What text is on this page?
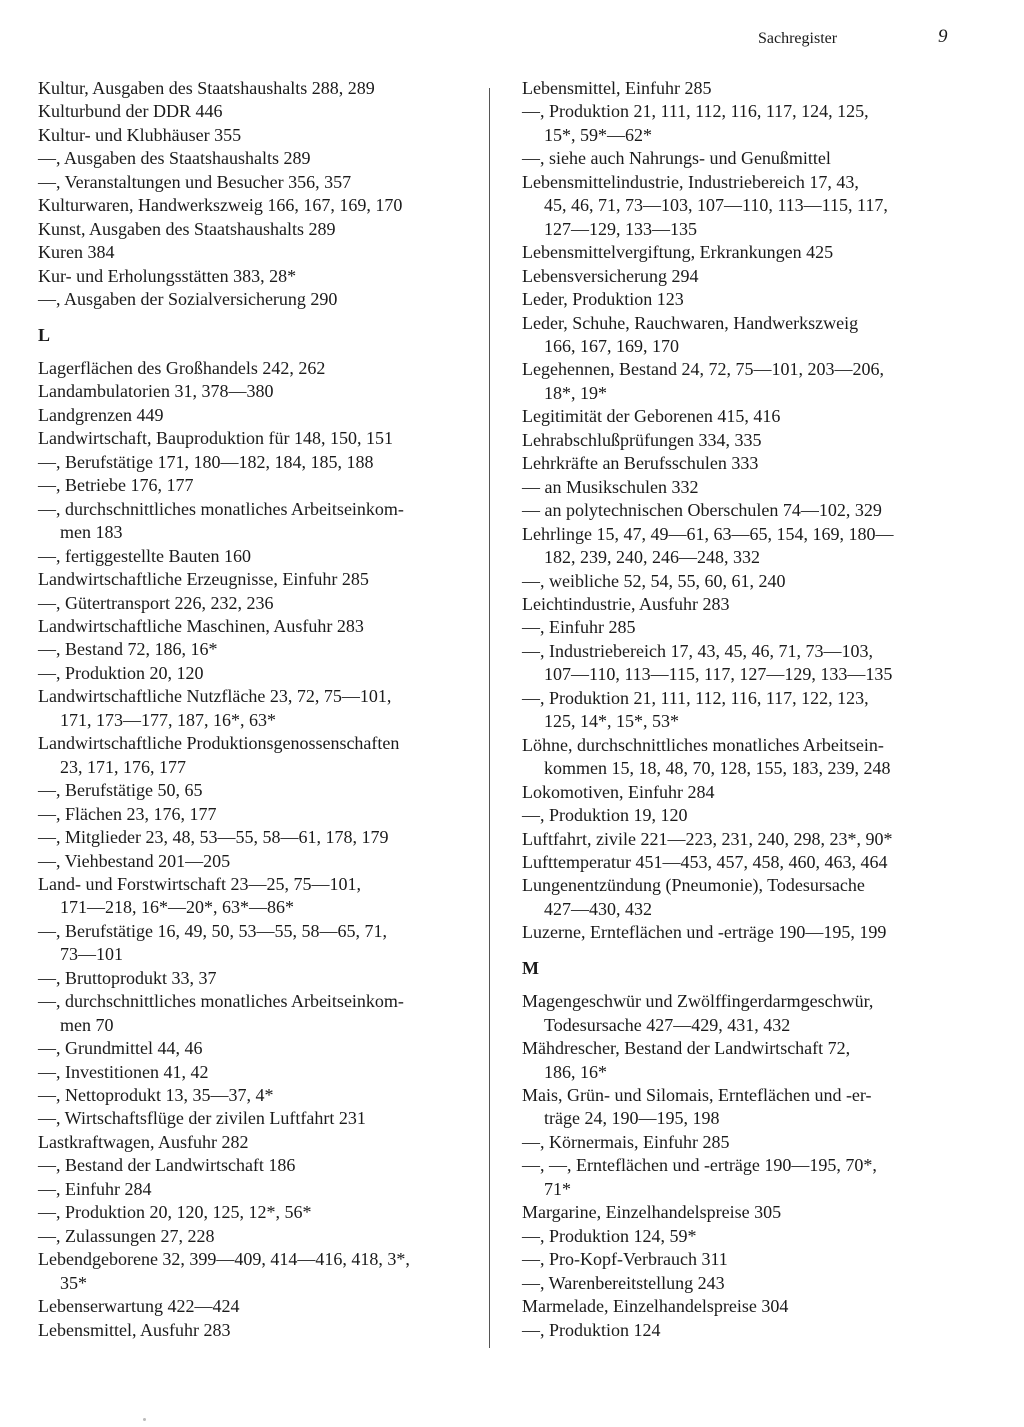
Sachregister	9
Kultur, Ausgaben des Staatshaushalts 288, 289
Kulturbund der DDR 446
Kultur- und Klubhäuser 355
—, Ausgaben des Staatshaushalts 289
—, Veranstaltungen und Besucher 356, 357
Kulturwaren, Handwerkszweig 166, 167, 169, 170
Kunst, Ausgaben des Staatshaushalts 289
Kuren 384
Kur- und Erholungsstätten 383, 28*
—, Ausgaben der Sozialversicherung 290
L
Lagerflächen des Großhandels 242, 262
Landambulatorien 31, 378—380
Landgrenzen 449
Landwirtschaft, Bauproduktion für 148, 150, 151
—, Berufstätige 171, 180—182, 184, 185, 188
—, Betriebe 176, 177
—, durchschnittliches monatliches Arbeitseinkom-
men 183
—, fertiggestellte Bauten 160
Landwirtschaftliche Erzeugnisse, Einfuhr 285
—, Gütertransport 226, 232, 236
Landwirtschaftliche Maschinen, Ausfuhr 283
—, Bestand 72, 186, 16*
—, Produktion 20, 120
Landwirtschaftliche Nutzfläche 23, 72, 75—101,
171, 173—177, 187, 16*, 63*
Landwirtschaftliche Produktionsgenossenschaften
23, 171, 176, 177
—, Berufstätige 50, 65
—, Flächen 23, 176, 177
—, Mitglieder 23, 48, 53—55, 58—61, 178, 179
—, Viehbestand 201—205
Land- und Forstwirtschaft 23—25, 75—101,
171—218, 16*—20*, 63*—86*
—, Berufstätige 16, 49, 50, 53—55, 58—65, 71,
73—101
—, Bruttoprodukt 33, 37
—, durchschnittliches monatliches Arbeitseinkom-
men 70
—, Grundmittel 44, 46
—, Investitionen 41, 42
—, Nettoprodukt 13, 35—37, 4*
—, Wirtschaftsflüge der zivilen Luftfahrt 231
Lastkraftwagen, Ausfuhr 282
—, Bestand der Landwirtschaft 186
—, Einfuhr 284
—, Produktion 20, 120, 125, 12*, 56*
—, Zulassungen 27, 228
Lebendgeborene 32, 399—409, 414—416, 418, 3*,
35*
Lebenserwartung 422—424
Lebensmittel, Ausfuhr 283
Lebensmittel, Einfuhr 285
—, Produktion 21, 111, 112, 116, 117, 124, 125,
15*, 59*—62*
—, siehe auch Nahrungs- und Genußmittel
Lebensmittelindustrie, Industriebereich 17, 43,
45, 46, 71, 73—103, 107—110, 113—115, 117,
127—129, 133—135
Lebensmittelvergiftung, Erkrankungen 425
Lebensversicherung 294
Leder, Produktion 123
Leder, Schuhe, Rauchwaren, Handwerkszweig
166, 167, 169, 170
Legehennen, Bestand 24, 72, 75—101, 203—206,
18*, 19*
Legitimität der Geborenen 415, 416
Lehrabschlußprüfungen 334, 335
Lehrkräfte an Berufsschulen 333
— an Musikschulen 332
— an polytechnischen Oberschulen 74—102, 329
Lehrlinge 15, 47, 49—61, 63—65, 154, 169, 180—
182, 239, 240, 246—248, 332
—, weibliche 52, 54, 55, 60, 61, 240
Leichtindustrie, Ausfuhr 283
—, Einfuhr 285
—, Industriebereich 17, 43, 45, 46, 71, 73—103,
107—110, 113—115, 117, 127—129, 133—135
—, Produktion 21, 111, 112, 116, 117, 122, 123,
125, 14*, 15*, 53*
Löhne, durchschnittliches monatliches Arbeitsein-
kommen 15, 18, 48, 70, 128, 155, 183, 239, 248
Lokomotiven, Einfuhr 284
—, Produktion 19, 120
Luftfahrt, zivile 221—223, 231, 240, 298, 23*, 90*
Lufttemperatur 451—453, 457, 458, 460, 463, 464
Lungenentzündung (Pneumonie), Todesursache
427—430, 432
Luzerne, Ernteflächen und -erträge 190—195, 199
M
Magengeschwür und Zwölffingerdarmgeschwür,
Todesursache 427—429, 431, 432
Mähdrescher, Bestand der Landwirtschaft 72,
186, 16*
Mais, Grün- und Silomais, Ernteflächen und -er-
träge 24, 190—195, 198
—, Körnermais, Einfuhr 285
—, —, Ernteflächen und -erträge 190—195, 70*,
71*
Margarine, Einzelhandelspreise 305
—, Produktion 124, 59*
—, Pro-Kopf-Verbrauch 311
—, Warenbereitstellung 243
Marmelade, Einzelhandelspreise 304
—, Produktion 124
